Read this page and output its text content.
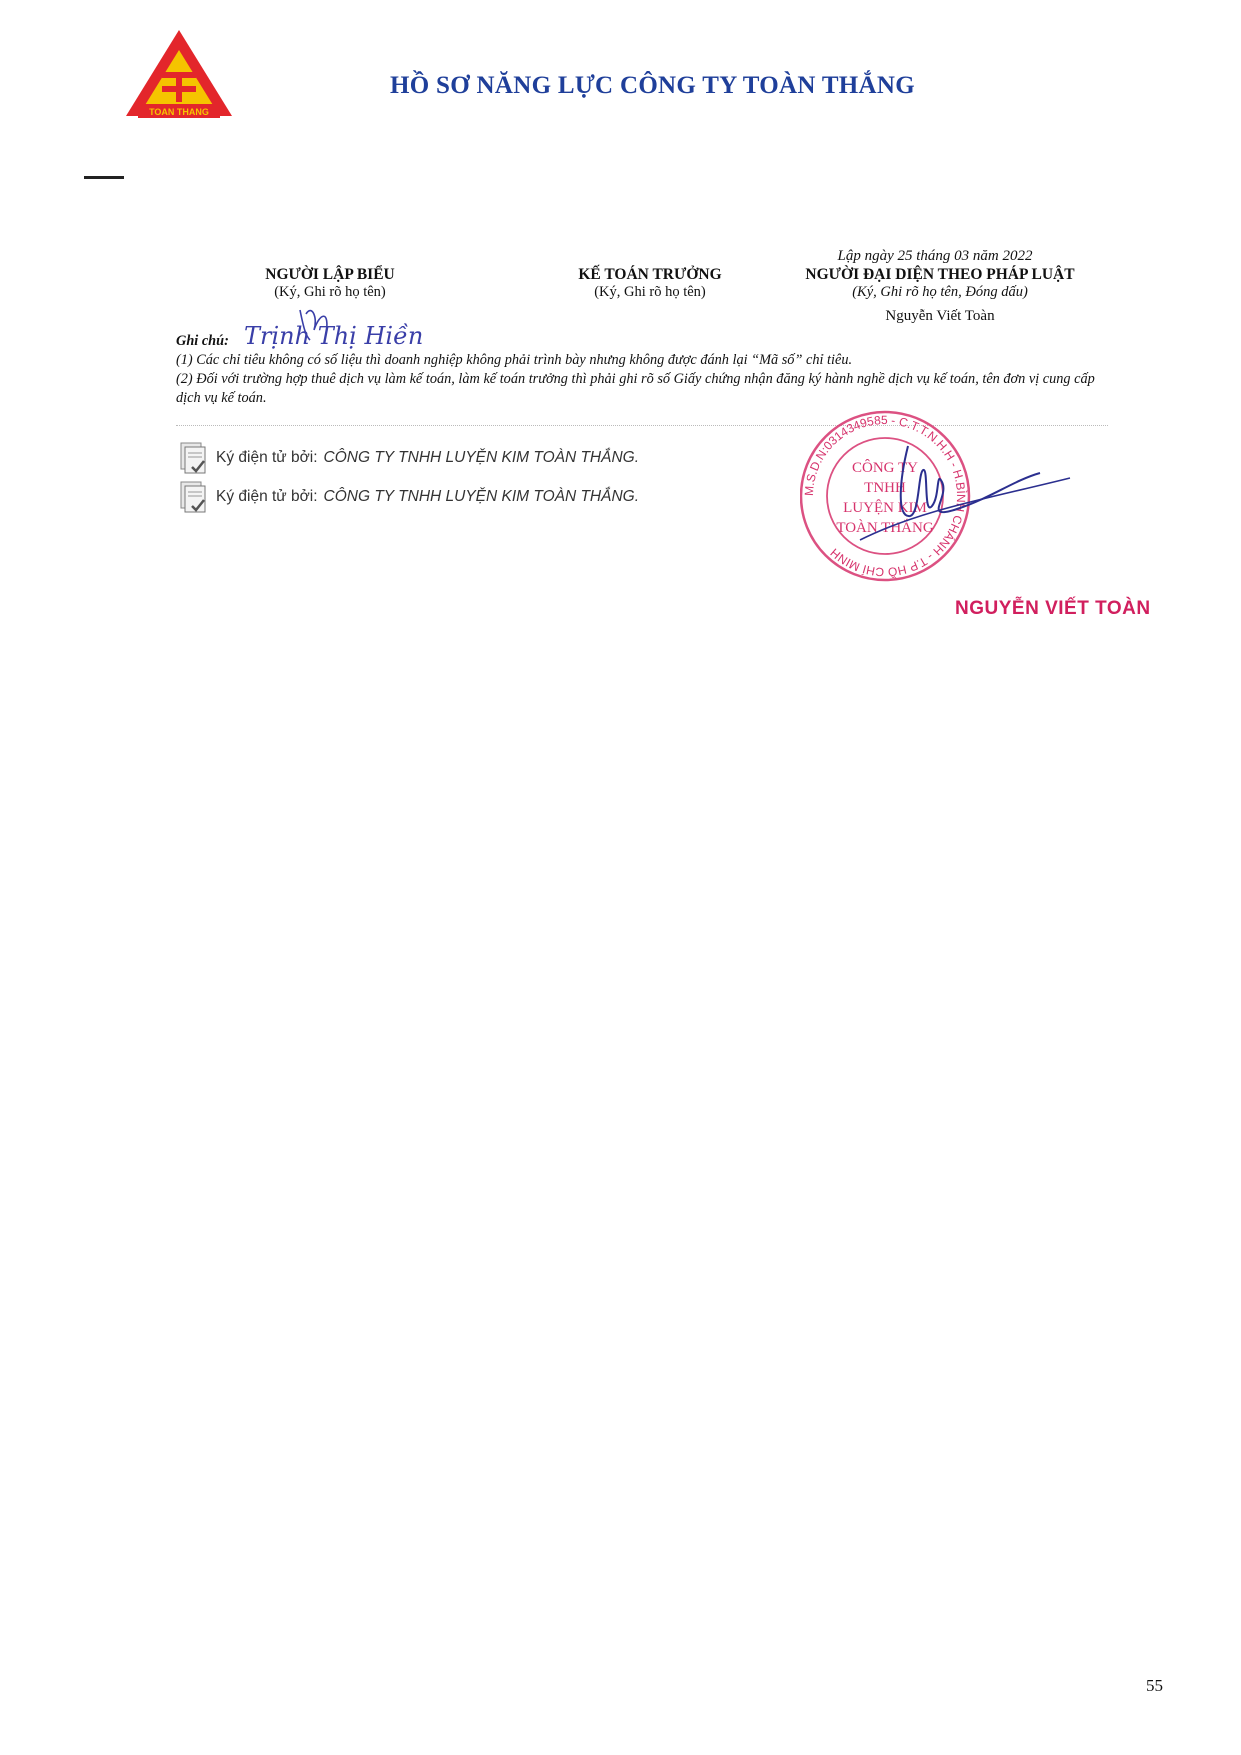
TOAN THANG
HỒ SƠ NĂNG LỰC CÔNG TY TOÀN THẮNG
NGƯỜI LẬP BIỂU
(Ký, Ghi rõ họ tên)
KẾ TOÁN TRƯỞNG
(Ký, Ghi rõ họ tên)
Lập ngày 25 tháng 03 năm 2022
NGƯỜI ĐẠI DIỆN THEO PHÁP LUẬT
(Ký, Ghi rõ họ tên, Đóng dấu)
Nguyễn Viết Toàn
Trịnh Thị Hiền
Ghi chú:
(1) Các chỉ tiêu không có số liệu thì doanh nghiệp không phải trình bày nhưng không được đánh lại “Mã số” chỉ tiêu.
(2) Đối với trường hợp thuê dịch vụ làm kế toán, làm kế toán trưởng thì phải ghi rõ số Giấy chứng nhận đăng ký hành nghề dịch vụ kế toán, tên đơn vị cung cấp dịch vụ kế toán.
Ký điện tử bởi: CÔNG TY TNHH LUYỆN KIM TOÀN THẮNG.
Ký điện tử bởi: CÔNG TY TNHH LUYỆN KIM TOÀN THẮNG.	M.S.D.N:0314349585 - C.T.T.N.H.H - H.BÌNH CHÁNH - T.P HỒ CHÍ MINH
CÔNG TY
TNHH
LUYỆN KIM
TOÀN THẮNG
NGUYỄN VIẾT TOÀN
55
